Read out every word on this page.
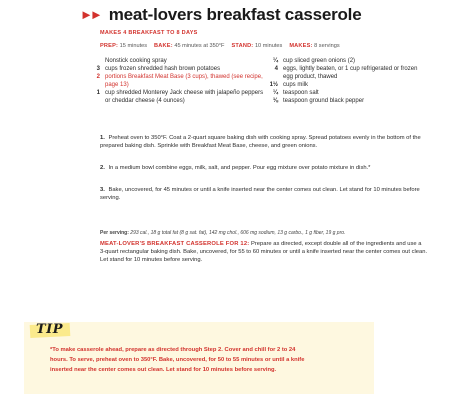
►► meat-lovers breakfast casserole
MAKES 4 BREAKFAST TO 8 DAYS
PREP: 15 minutes BAKE: 45 minutes at 350°F STAND: 10 minutes MAKES: 8 servings
Nonstick cooking spray
3 cups frozen shredded hash brown potatoes
2 portions Breakfast Meat Base (3 cups), thawed (see recipe, page 13)
1 cup shredded Monterey Jack cheese with jalapeño peppers or cheddar cheese (4 ounces)
¼ cup sliced green onions (2)
4 eggs, lightly beaten, or 1 cup refrigerated or frozen egg product, thawed
1½ cups milk
¼ teaspoon salt
⅛ teaspoon ground black pepper
1. Preheat oven to 350°F. Coat a 2-quart square baking dish with cooking spray. Spread potatoes evenly in the bottom of the prepared baking dish. Sprinkle with Breakfast Meat Base, cheese, and green onions.
2. In a medium bowl combine eggs, milk, salt, and pepper. Pour egg mixture over potato mixture in dish.*
3. Bake, uncovered, for 45 minutes or until a knife inserted near the center comes out clean. Let stand for 10 minutes before serving.
Per serving: 293 cal., 18 g total fat (8 g sat. fat), 142 mg chol., 606 mg sodium, 13 g carbo., 1 g fiber, 19 g pro.
MEAT-LOVER'S BREAKFAST CASSEROLE FOR 12: Prepare as directed, except double all of the ingredients and use a 3-quart rectangular baking dish. Bake, uncovered, for 55 to 60 minutes or until a knife inserted near the center comes out clean. Let stand for 10 minutes before serving.
TIP
*To make casserole ahead, prepare as directed through Step 2. Cover and chill for 2 to 24 hours. To serve, preheat oven to 350°F. Bake, uncovered, for 50 to 55 minutes or until a knife inserted near the center comes out clean. Let stand for 10 minutes before serving.
